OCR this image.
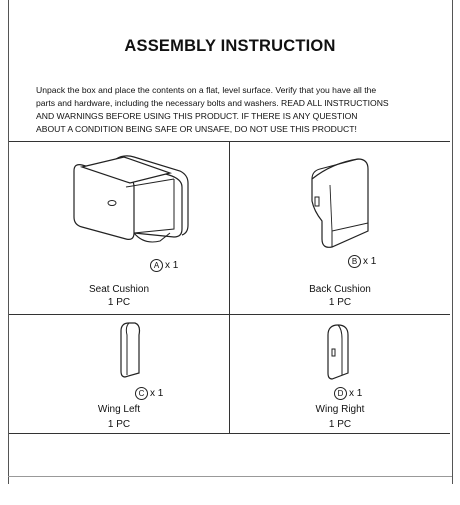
ASSEMBLY INSTRUCTION
Unpack the box and place the contents on a flat, level surface. Verify that you have all the
parts and hardware, including the necessary bolts and washers. READ ALL INSTRUCTIONS
AND WARNINGS BEFORE USING THIS PRODUCT. IF THERE IS ANY QUESTION
ABOUT A CONDITION BEING SAFE OR UNSAFE, DO NOT USE THIS PRODUCT!
A x 1
Seat Cushion
1 PC
B x 1
Back Cushion
1 PC
C x 1
Wing Left
1 PC
D x 1
Wing Right
1 PC
